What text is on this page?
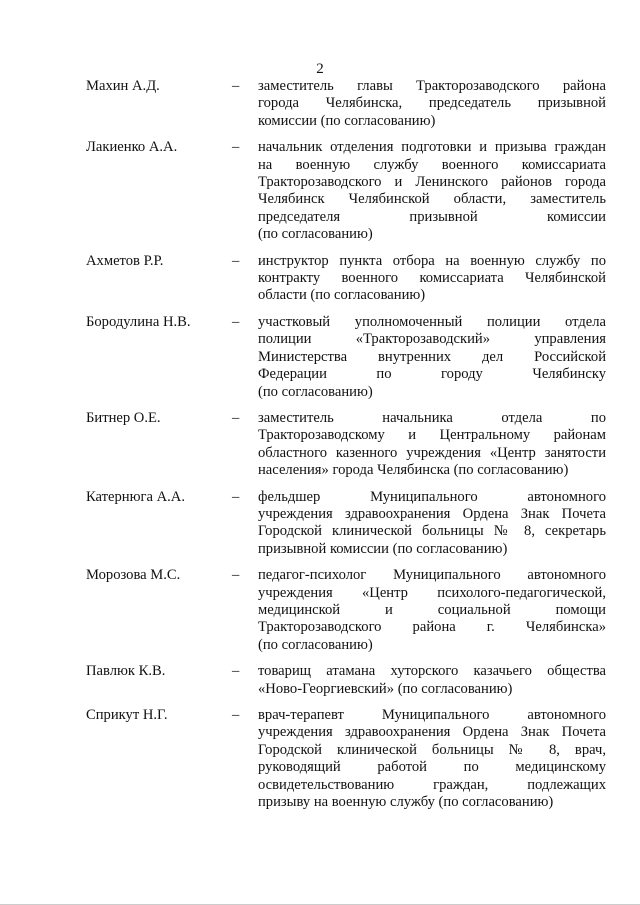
2
Махин А.Д.	–	заместитель главы Тракторозаводского района
города Челябинска, председатель призывной
комиссии (по согласованию)
Лакиенко А.А.	–	начальник отделения подготовки и призыва граждан
на военную службу военного комиссариата
Тракторозаводского и Ленинского районов города
Челябинск Челябинской области, заместитель
председателя призывной комиссии
(по согласованию)
Ахметов Р.Р.	–	инструктор пункта отбора на военную службу по
контракту военного комиссариата Челябинской
области (по согласованию)
Бородулина Н.В.	–	участковый уполномоченный полиции отдела
полиции «Тракторозаводский» управления
Министерства внутренних дел Российской
Федерации по городу Челябинску
(по согласованию)
Битнер О.Е.	–	заместитель начальника отдела по
Тракторозаводскому и Центральному районам
областного казенного учреждения «Центр занятости
населения» города Челябинска (по согласованию)
Катернюга А.А.	–	фельдшер Муниципального автономного
учреждения здравоохранения Ордена Знак Почета
Городской клинической больницы № 8, секретарь
призывной комиссии (по согласованию)
Морозова М.С.	–	педагог-психолог Муниципального автономного
учреждения «Центр психолого-педагогической,
медицинской и социальной помощи
Тракторозаводского района г. Челябинска»
(по согласованию)
Павлюк К.В.	–	товарищ атамана хуторского казачьего общества
«Ново-Георгиевский» (по согласованию)
Сприкут Н.Г.	–	врач-терапевт Муниципального автономного
учреждения здравоохранения Ордена Знак Почета
Городской клинической больницы № 8, врач,
руководящий работой по медицинскому
освидетельствованию граждан, подлежащих
призыву на военную службу (по согласованию)
